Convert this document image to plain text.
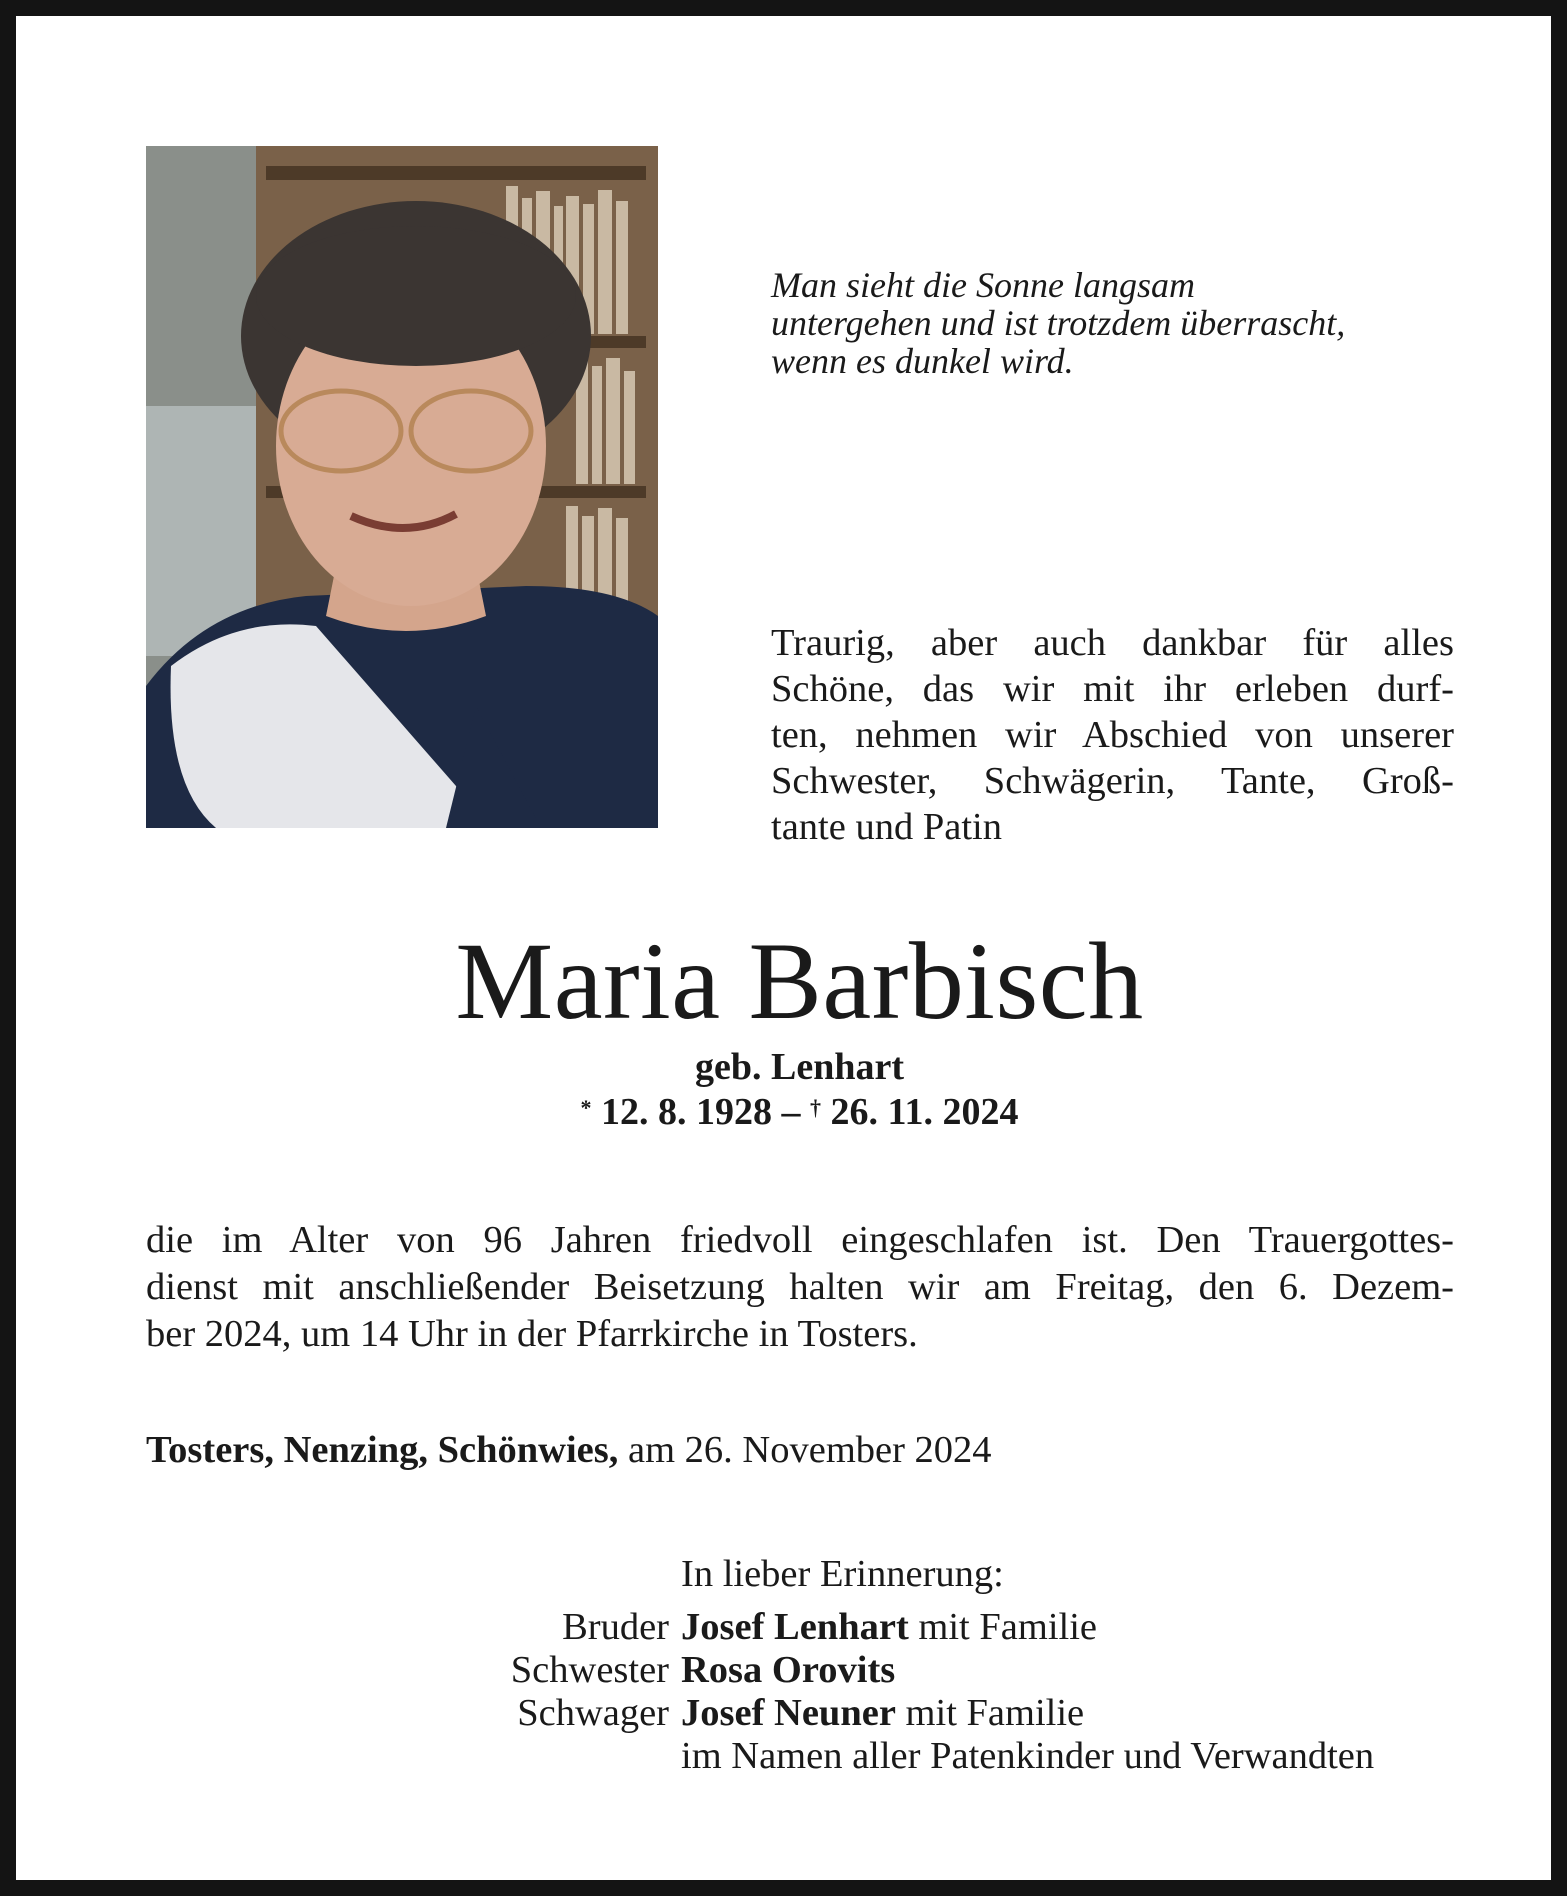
Man sieht die Sonne langsam
untergehen und ist trotzdem überrascht,
wenn es dunkel wird.
Traurig, aber auch dankbar für alles
Schöne, das wir mit ihr erleben durf-
ten, nehmen wir Abschied von unserer
Schwester, Schwägerin, Tante, Groß-
tante und Patin
Maria Barbisch
geb. Lenhart
* 12. 8. 1928 – † 26. 11. 2024
die im Alter von 96 Jahren friedvoll eingeschlafen ist. Den Trauergottes-
dienst mit anschließender Beisetzung halten wir am Freitag, den 6. Dezem-
ber 2024, um 14 Uhr in der Pfarrkirche in Tosters.
Tosters, Nenzing, Schönwies, am 26. November 2024
In lieber Erinnerung:
Bruder Josef Lenhart mit Familie
Schwester Rosa Orovits
Schwager Josef Neuner mit Familie
im Namen aller Patenkinder und Verwandten
